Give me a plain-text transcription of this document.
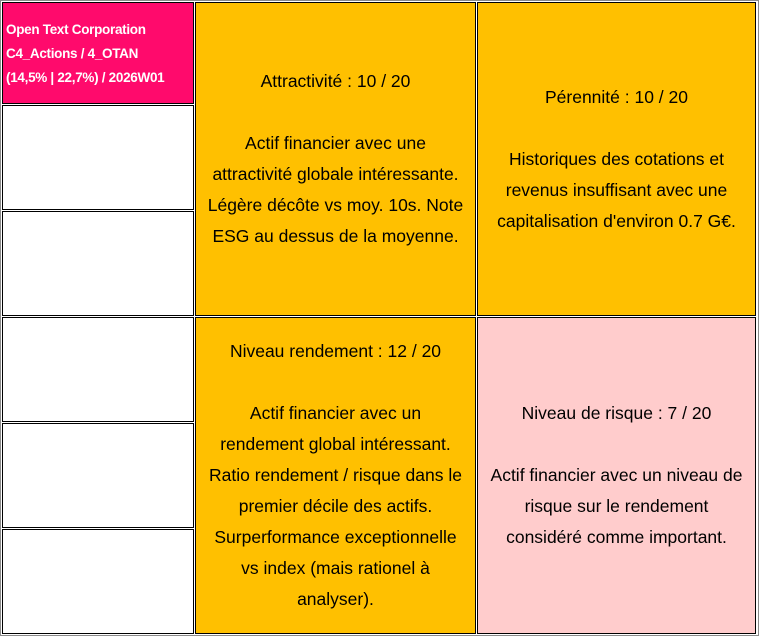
Open Text Corporation
C4_Actions / 4_OTAN
(14,5% | 22,7%) / 2026W01	Attractivité : 10 / 20

Actif financier avec une

attractivité globale intéressante.

Légère décôte vs moy. 10s. Note

ESG au dessus de la moyenne.

Pérennité : 10 / 20

Historiques des cotations et

revenus insuffisant avec une

capitalisation d'environ 0.7 G€.

Niveau rendement : 12 / 20

Actif financier avec un

rendement global intéressant.

Ratio rendement / risque dans le

premier décile des actifs.

Surperformance exceptionnelle

vs index (mais rationel à

analyser).

Niveau de risque : 7 / 20

Actif financier avec un niveau de

risque sur le rendement

considéré comme important.
